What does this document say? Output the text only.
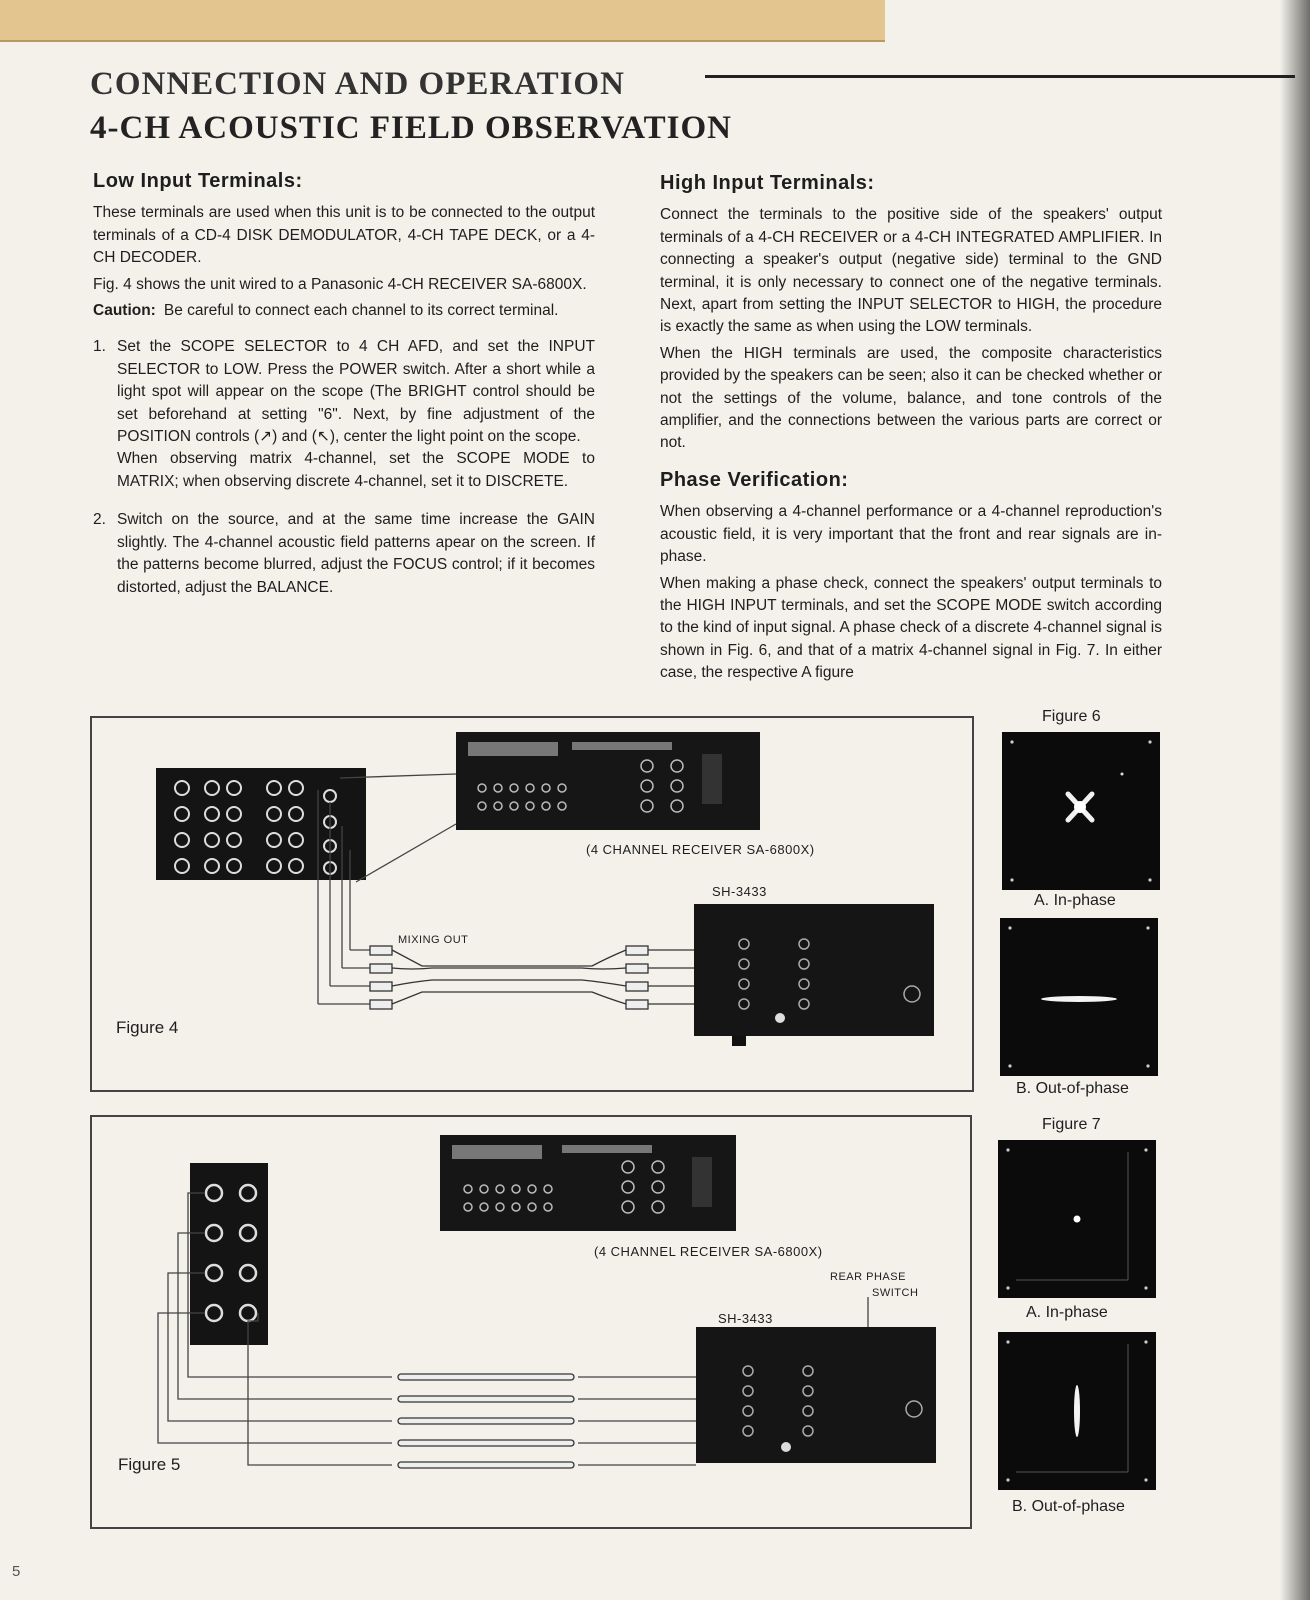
CONNECTION AND OPERATION
4-CH ACOUSTIC FIELD OBSERVATION
Low Input Terminals:

These terminals are used when this unit is to be connected to the output terminals of a CD-4 DISK DEMODULATOR, 4-CH TAPE DECK, or a 4-CH DECODER.

Fig. 4 shows the unit wired to a Panasonic 4-CH RECEIVER SA-6800X.

Caution: Be careful to connect each channel to its correct terminal.
1. Set the SCOPE SELECTOR to 4 CH AFD, and set the INPUT SELECTOR to LOW. Press the POWER switch. After a short while a light spot will appear on the scope (The BRIGHT control should be set beforehand at setting "6". Next, by fine adjustment of the POSITION controls (↗) and (↖), center the light point on the scope.

When observing matrix 4-channel, set the SCOPE MODE to MATRIX; when observing discrete 4-channel, set it to DISCRETE.

2. Switch on the source, and at the same time increase the GAIN slightly. The 4-channel acoustic field patterns apear on the screen. If the patterns become blurred, adjust the FOCUS control; if it becomes distorted, adjust the BALANCE.

High Input Terminals:

Connect the terminals to the positive side of the speakers' output terminals of a 4-CH RECEIVER or a 4-CH INTEGRATED AMPLIFIER. In connecting a speaker's output (negative side) terminal to the GND terminal, it is only necessary to connect one of the negative terminals. Next, apart from setting the INPUT SELECTOR to HIGH, the procedure is exactly the same as when using the LOW terminals.

When the HIGH terminals are used, the composite characteristics provided by the speakers can be seen; also it can be checked whether or not the settings of the volume, balance, and tone controls of the amplifier, and the connections between the various parts are correct or not.

Phase Verification:

When observing a 4-channel performance or a 4-channel reproduction's acoustic field, it is very important that the front and rear signals are in-phase.

When making a phase check, connect the speakers' output terminals to the HIGH INPUT terminals, and set the SCOPE MODE switch according to the kind of input signal. A phase check of a discrete 4-channel signal is shown in Fig. 6, and that of a matrix 4-channel signal in Fig. 7. In either case, the respective A figure

(4 CHANNEL RECEIVER SA-6800X)
SH-3433
MIXING OUT
Figure 4
(4 CHANNEL RECEIVER SA-6800X)
SH-3433
REAR PHASE
SWITCH
Figure 5
Figure 6
A. In-phase
B. Out-of-phase
Figure 7
A. In-phase
B. Out-of-phase
5
